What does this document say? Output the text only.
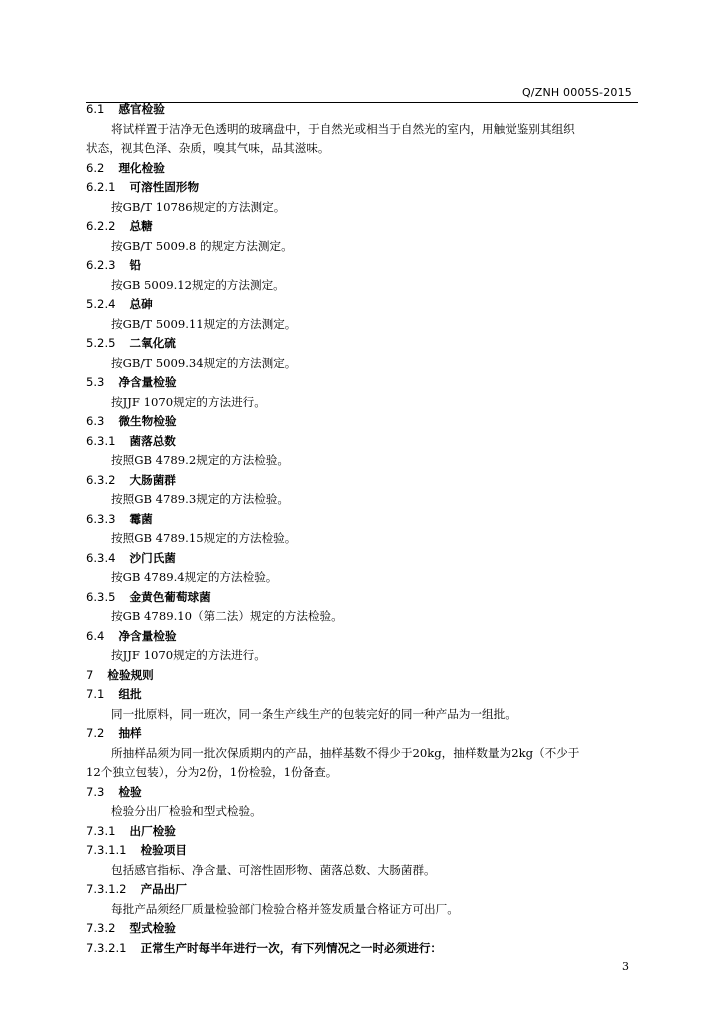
Q/ZNH 0005S-2015
6.1	感官检验
将试样置于洁净无色透明的玻璃盘中，于自然光或相当于自然光的室内，用触觉鉴别其组织
状态，视其色泽、杂质，嗅其气味，品其滋味。
6.2	理化检验
6.2.1	可溶性固形物
按GB/T 10786规定的方法测定。
6.2.2	总糖
按GB/T 5009.8 的规定方法测定。
6.2.3	铅
按GB 5009.12规定的方法测定。
5.2.4	总砷
按GB/T 5009.11规定的方法测定。
5.2.5	二氧化硫
按GB/T 5009.34规定的方法测定。
5.3	净含量检验
按JJF 1070规定的方法进行。
6.3	微生物检验
6.3.1	菌落总数
按照GB 4789.2规定的方法检验。
6.3.2	大肠菌群
按照GB 4789.3规定的方法检验。
6.3.3	霉菌
按照GB 4789.15规定的方法检验。
6.3.4	沙门氏菌
按GB 4789.4规定的方法检验。
6.3.5	金黄色葡萄球菌
按GB 4789.10（第二法）规定的方法检验。
6.4	净含量检验
按JJF 1070规定的方法进行。
7	检验规则
7.1	组批
同一批原料，同一班次，同一条生产线生产的包装完好的同一种产品为一组批。
7.2	抽样
所抽样品须为同一批次保质期内的产品，抽样基数不得少于20kg，抽样数量为2kg（不少于
12个独立包装），分为2份，1份检验，1份备查。
7.3	检验
检验分出厂检验和型式检验。
7.3.1	出厂检验
7.3.1.1	检验项目
包括感官指标、净含量、可溶性固形物、菌落总数、大肠菌群。
7.3.1.2	产品出厂
每批产品须经厂质量检验部门检验合格并签发质量合格证方可出厂。
7.3.2	型式检验
7.3.2.1	正常生产时每半年进行一次，有下列情况之一时必须进行：
3
